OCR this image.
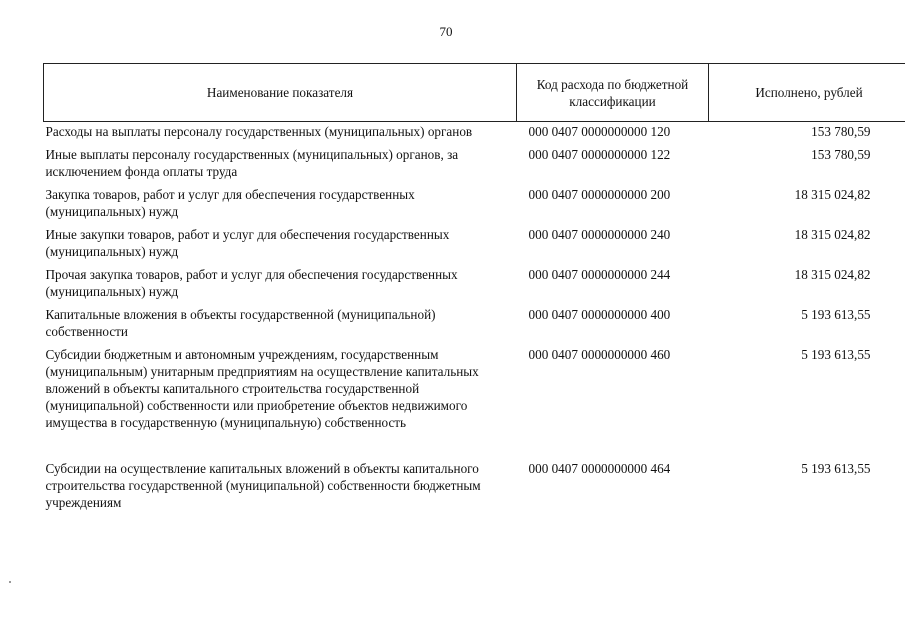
70
Наименование показателя	Код расхода по бюджетной классификации	Исполнено, рублей
Расходы на выплаты персоналу государственных (муниципальных) органов	000 0407 0000000000 120	153 780,59
Иные выплаты персоналу государственных (муниципальных) органов, за исключением фонда оплаты труда	000 0407 0000000000 122	153 780,59
Закупка товаров, работ и услуг для обеспечения государственных (муниципальных) нужд	000 0407 0000000000 200	18 315 024,82
Иные закупки товаров, работ и услуг для обеспечения государственных (муниципальных) нужд	000 0407 0000000000 240	18 315 024,82
Прочая закупка товаров, работ и услуг для обеспечения государственных (муниципальных) нужд	000 0407 0000000000 244	18 315 024,82
Капитальные вложения в объекты государственной (муниципальной) собственности	000 0407 0000000000 400	5 193 613,55
Субсидии бюджетным и автономным учреждениям, государственным (муниципальным) унитарным предприятиям на осуществление капитальных вложений в объекты капитального строительства государственной (муниципальной) собственности или приобретение объектов недвижимого имущества в государственную (муниципальную) собственность	000 0407 0000000000 460	5 193 613,55
Субсидии на осуществление капитальных вложений в объекты капитального строительства государственной (муниципальной) собственности бюджетным учреждениям	000 0407 0000000000 464	5 193 613,55
